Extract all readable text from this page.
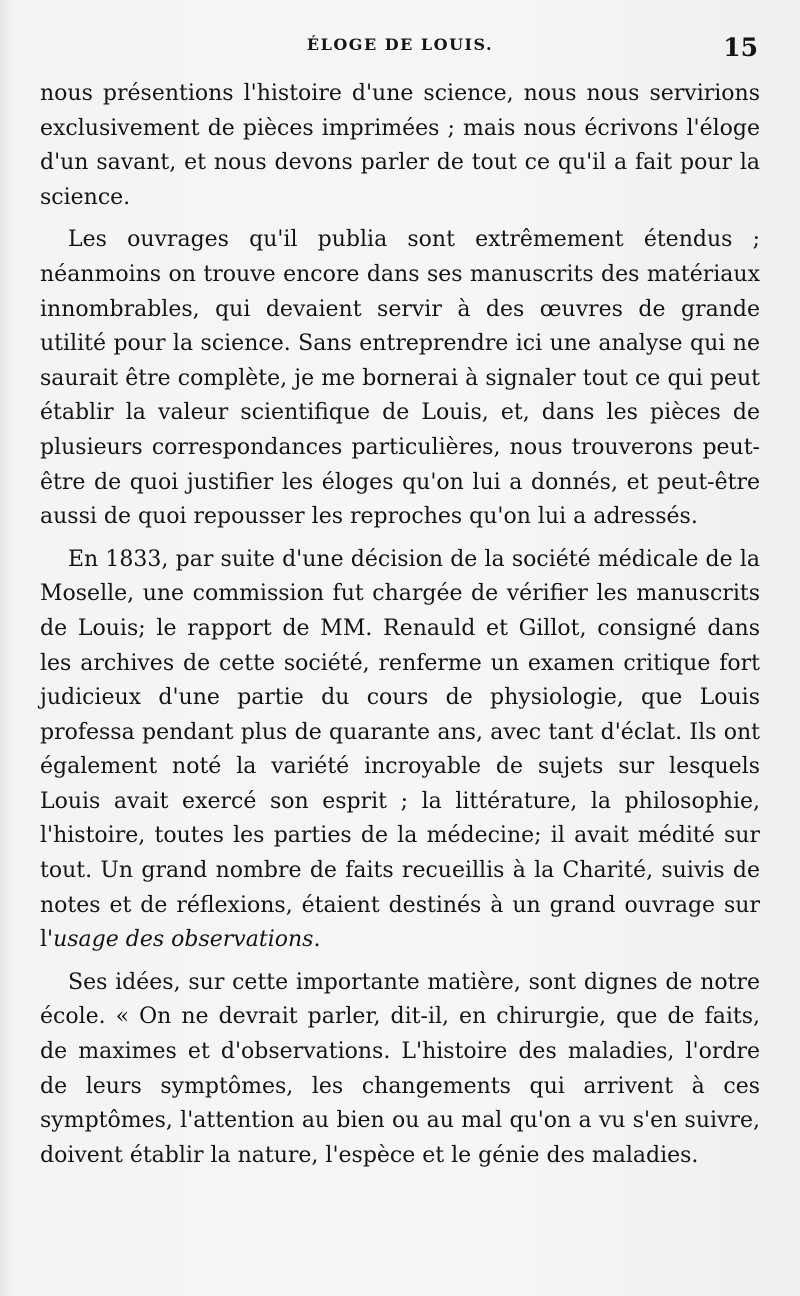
ÉLOGE DE LOUIS.	15

nous présentions l'histoire d'une science, nous nous servirions exclusivement de pièces imprimées ; mais nous écrivons l'éloge d'un savant, et nous devons parler de tout ce qu'il a fait pour la science.

Les ouvrages qu'il publia sont extrêmement étendus ; néanmoins on trouve encore dans ses manuscrits des matériaux innombrables, qui devaient servir à des œuvres de grande utilité pour la science. Sans entreprendre ici une analyse qui ne saurait être complète, je me bornerai à signaler tout ce qui peut établir la valeur scientifique de Louis, et, dans les pièces de plusieurs correspondances particulières, nous trouverons peut-être de quoi justifier les éloges qu'on lui a donnés, et peut-être aussi de quoi repousser les reproches qu'on lui a adressés.

En 1833, par suite d'une décision de la société médicale de la Moselle, une commission fut chargée de vérifier les manuscrits de Louis; le rapport de MM. Renauld et Gillot, consigné dans les archives de cette société, renferme un examen critique fort judicieux d'une partie du cours de physiologie, que Louis professa pendant plus de quarante ans, avec tant d'éclat. Ils ont également noté la variété incroyable de sujets sur lesquels Louis avait exercé son esprit ; la littérature, la philosophie, l'histoire, toutes les parties de la médecine; il avait médité sur tout. Un grand nombre de faits recueillis à la Charité, suivis de notes et de réflexions, étaient destinés à un grand ouvrage sur l'usage des observations.

Ses idées, sur cette importante matière, sont dignes de notre école. « On ne devrait parler, dit-il, en chirurgie, que de faits, de maximes et d'observations. L'histoire des maladies, l'ordre de leurs symptômes, les changements qui arrivent à ces symptômes, l'attention au bien ou au mal qu'on a vu s'en suivre, doivent établir la nature, l'espèce et le génie des maladies.
